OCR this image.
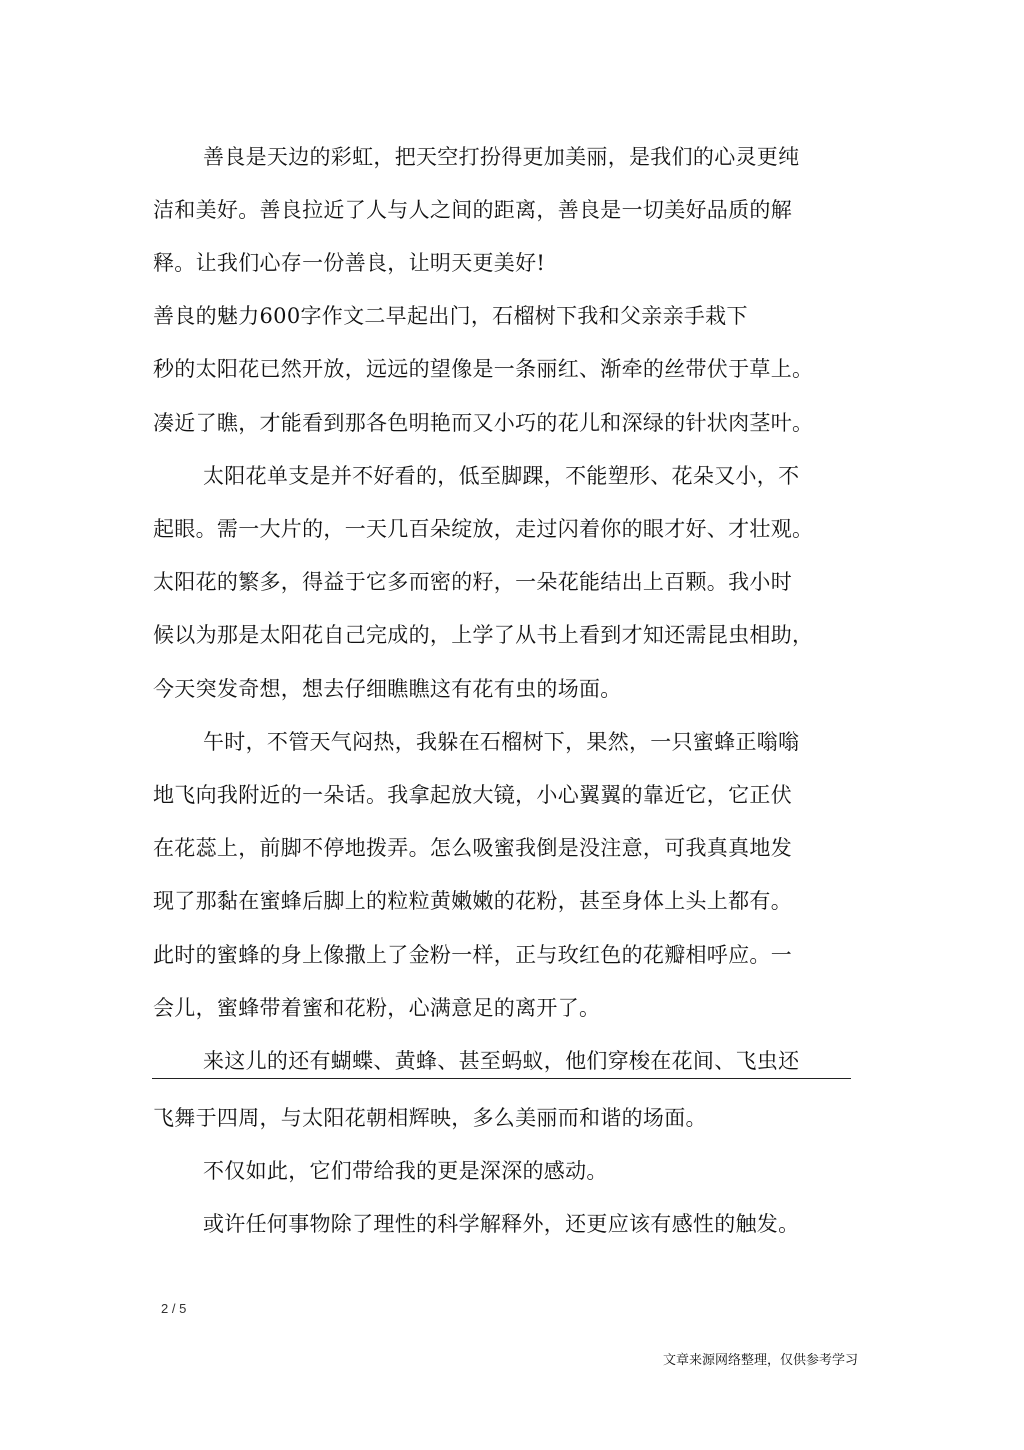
善良是天边的彩虹，把天空打扮得更加美丽，是我们的心灵更纯
洁和美好。善良拉近了人与人之间的距离，善良是一切美好品质的解
释。让我们心存一份善良，让明天更美好!
善良的魅力600字作文二早起出门，石榴树下我和父亲亲手栽下
秒的太阳花已然开放，远远的望像是一条丽红、渐牵的丝带伏于草上。
凑近了瞧，才能看到那各色明艳而又小巧的花儿和深绿的针状肉茎叶。
太阳花单支是并不好看的，低至脚踝，不能塑形、花朵又小，不
起眼。需一大片的，一天几百朵绽放，走过闪着你的眼才好、才壮观。
太阳花的繁多，得益于它多而密的籽，一朵花能结出上百颗。我小时
候以为那是太阳花自己完成的，上学了从书上看到才知还需昆虫相助，
今天突发奇想，想去仔细瞧瞧这有花有虫的场面。
午时，不管天气闷热，我躲在石榴树下，果然，一只蜜蜂正嗡嗡
地飞向我附近的一朵话。我拿起放大镜，小心翼翼的靠近它，它正伏
在花蕊上，前脚不停地拨弄。怎么吸蜜我倒是没注意，可我真真地发
现了那黏在蜜蜂后脚上的粒粒黄嫩嫩的花粉，甚至身体上头上都有。
此时的蜜蜂的身上像撒上了金粉一样，正与玫红色的花瓣相呼应。一
会儿，蜜蜂带着蜜和花粉，心满意足的离开了。
来这儿的还有蝴蝶、黄蜂、甚至蚂蚁，他们穿梭在花间、飞虫还
飞舞于四周，与太阳花朝相辉映，多么美丽而和谐的场面。
不仅如此，它们带给我的更是深深的感动。
或许任何事物除了理性的科学解释外，还更应该有感性的触发。
2 / 5
文章来源网络整理，仅供参考学习
